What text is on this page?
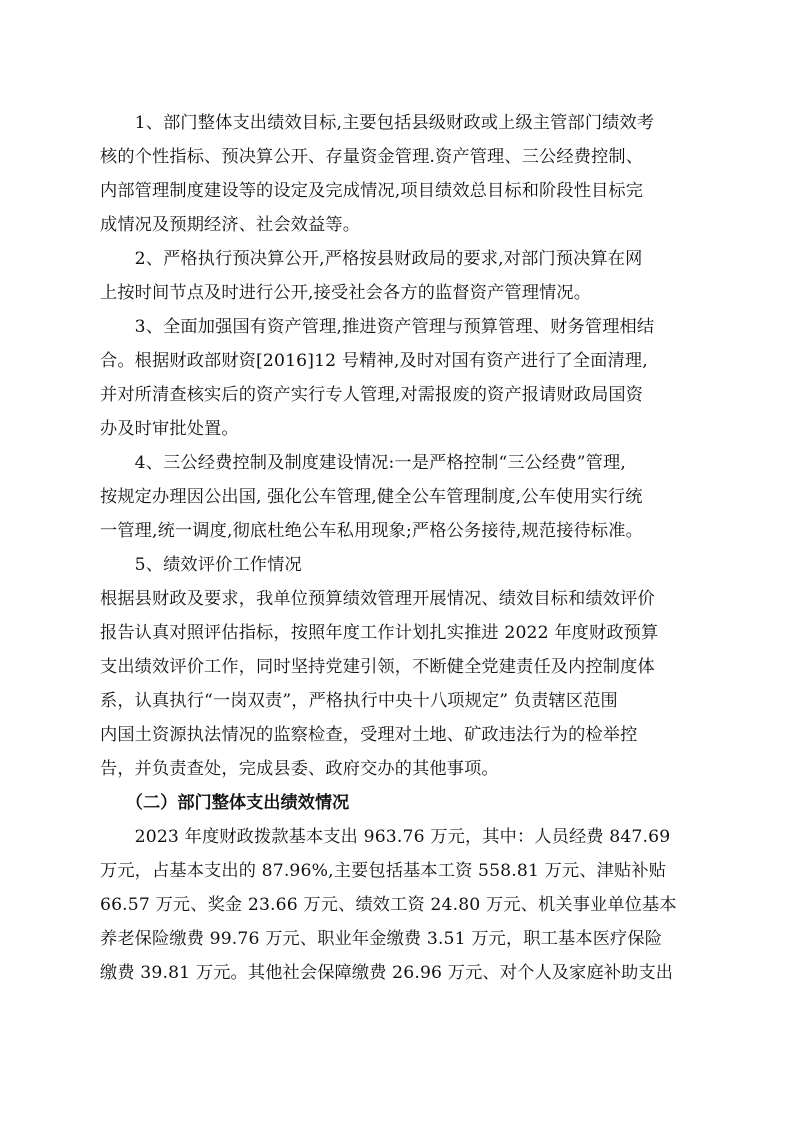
　　1、部门整体支出绩效目标,主要包括县级财政或上级主管部门绩效考
核的个性指标、预决算公开、存量资金管理.资产管理、三公经费控制、
内部管理制度建设等的设定及完成情况,项目绩效总目标和阶段性目标完
成情况及预期经济、社会效益等。
　　2、严格执行预决算公开,严格按县财政局的要求,对部门预决算在网
上按时间节点及时进行公开,接受社会各方的监督资产管理情况。
　　3、全面加强国有资产管理,推进资产管理与预算管理、财务管理相结
合。根据财政部财资[2016]12 号精神,及时对国有资产进行了全面清理,
并对所清查核实后的资产实行专人管理,对需报废的资产报请财政局国资
办及时审批处置。
　　4、三公经费控制及制度建设情况:一是严格控制“三公经费”管理,
按规定办理因公出国, 强化公车管理,健全公车管理制度,公车使用实行统
一管理,统一调度,彻底杜绝公车私用现象;严格公务接待,规范接待标准。
　　5、绩效评价工作情况
根据县财政及要求，我单位预算绩效管理开展情况、绩效目标和绩效评价
报告认真对照评估指标，按照年度工作计划扎实推进 2022 年度财政预算
支出绩效评价工作，同时坚持党建引领，不断健全党建责任及内控制度体
系，认真执行“一岗双责”，严格执行中央十八项规定” 负责辖区范围
内国土资源执法情况的监察检查，受理对土地、矿政违法行为的检举控
告，并负责查处，完成县委、政府交办的其他事项。
　　（二）部门整体支出绩效情况
　　2023 年度财政拨款基本支出 963.76 万元，其中：人员经费 847.69
万元，占基本支出的 87.96%,主要包括基本工资 558.81 万元、津贴补贴
66.57 万元、奖金 23.66 万元、绩效工资 24.80 万元、机关事业单位基本
养老保险缴费 99.76 万元、职业年金缴费 3.51 万元，职工基本医疗保险
缴费 39.81 万元。其他社会保障缴费 26.96 万元、对个人及家庭补助支出
